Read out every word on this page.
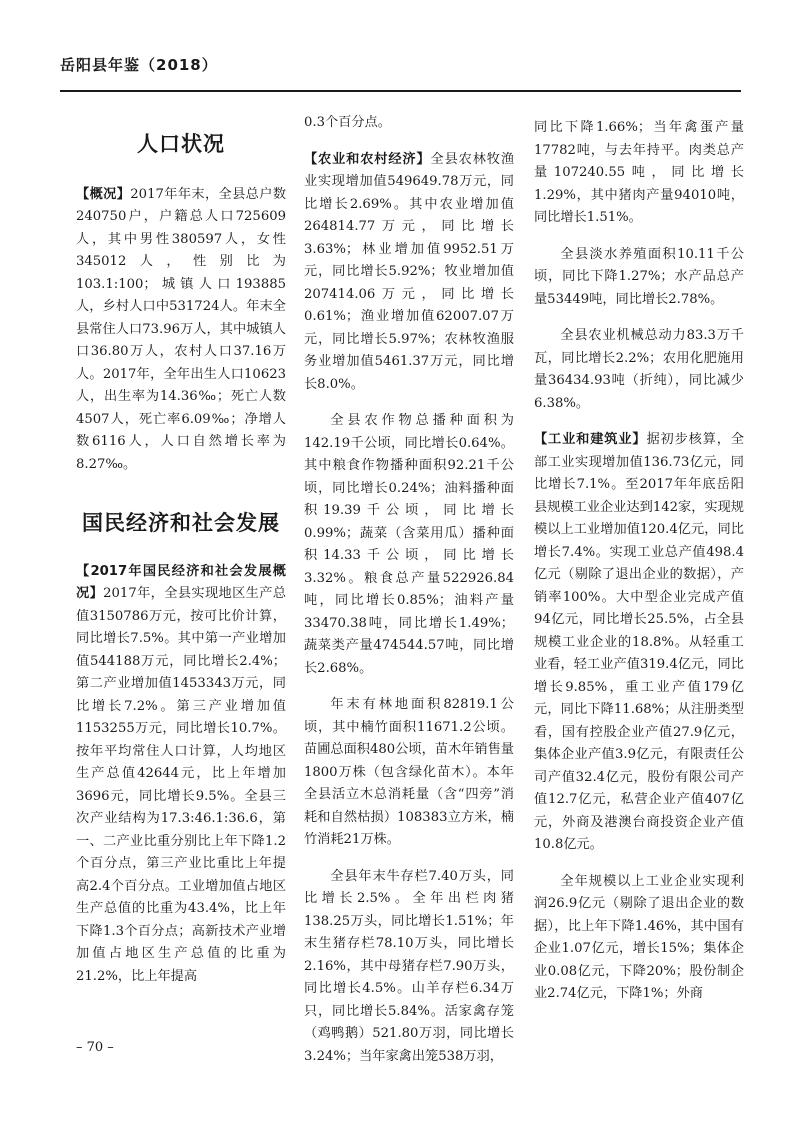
岳阳县年鉴（2018）
人口状况

【概况】2017年年末，全县总户数240750户，户籍总人口725609人，其中男性380597人，女性345012人，性别比为103.1:100；城镇人口193885人，乡村人口中531724人。年末全县常住人口73.96万人，其中城镇人口36.80万人，农村人口37.16万人。2017年，全年出生人口10623人，出生率为14.36‰；死亡人数4507人，死亡率6.09‰；净增人数6116人，人口自然增长率为8.27‰。

国民经济和社会发展

【2017年国民经济和社会发展概况】2017年，全县实现地区生产总值3150786万元，按可比价计算，同比增长7.5%。其中第一产业增加值544188万元，同比增长2.4%；第二产业增加值1453343万元，同比增长7.2%。第三产业增加值1153255万元，同比增长10.7%。按年平均常住人口计算，人均地区生产总值42644元，比上年增加3696元，同比增长9.5%。全县三次产业结构为17.3:46.1:36.6，第一、二产业比重分别比上年下降1.2个百分点，第三产业比重比上年提高2.4个百分点。工业增加值占地区生产总值的比重为43.4%，比上年下降1.3个百分点；高新技术产业增加值占地区生产总值的比重为21.2%，比上年提高

0.3个百分点。

【农业和农村经济】全县农林牧渔业实现增加值549649.78万元，同比增长2.69%。其中农业增加值264814.77万元，同比增长3.63%；林业增加值9952.51万元，同比增长5.92%；牧业增加值207414.06万元，同比增长0.61%；渔业增加值62007.07万元，同比增长5.97%；农林牧渔服务业增加值5461.37万元，同比增长8.0%。

全县农作物总播种面积为142.19千公顷，同比增长0.64%。其中粮食作物播种面积92.21千公顷，同比增长0.24%；油料播种面积19.39千公顷，同比增长0.99%；蔬菜（含菜用瓜）播种面积14.33千公顷，同比增长3.32%。粮食总产量522926.84吨，同比增长0.85%；油料产量33470.38吨，同比增长1.49%；蔬菜类产量474544.57吨，同比增长2.68%。

年末有林地面积82819.1公顷，其中楠竹面积11671.2公顷。苗圃总面积480公顷，苗木年销售量1800万株（包含绿化苗木）。本年全县活立木总消耗量（含“四旁”消耗和自然枯损）108383立方米，楠竹消耗21万株。

全县年末牛存栏7.40万头，同比增长2.5%。全年出栏肉猪138.25万头，同比增长1.51%；年末生猪存栏78.10万头，同比增长2.16%，其中母猪存栏7.90万头，同比增长4.5%。山羊存栏6.34万只，同比增长5.84%。活家禽存笼（鸡鸭鹅）521.80万羽，同比增长3.24%；当年家禽出笼538万羽，

同比下降1.66%；当年禽蛋产量17782吨，与去年持平。肉类总产量107240.55吨，同比增长1.29%，其中猪肉产量94010吨，同比增长1.51%。

全县淡水养殖面积10.11千公顷，同比下降1.27%；水产品总产量53449吨，同比增长2.78%。

全县农业机械总动力83.3万千瓦，同比增长2.2%；农用化肥施用量36434.93吨（折纯），同比减少6.38%。

【工业和建筑业】据初步核算，全部工业实现增加值136.73亿元，同比增长7.1%。至2017年年底岳阳县规模工业企业达到142家，实现规模以上工业增加值120.4亿元，同比增长7.4%。实现工业总产值498.4亿元（剔除了退出企业的数据），产销率100%。大中型企业完成产值94亿元，同比增长25.5%，占全县规模工业企业的18.8%。从轻重工业看，轻工业产值319.4亿元，同比增长9.85%，重工业产值179亿元，同比下降11.68%；从注册类型看，国有控股企业产值27.9亿元，集体企业产值3.9亿元，有限责任公司产值32.4亿元，股份有限公司产值12.7亿元，私营企业产值407亿元，外商及港澳台商投资企业产值10.8亿元。

全年规模以上工业企业实现利润26.9亿元（剔除了退出企业的数据），比上年下降1.46%，其中国有企业1.07亿元，增长15%；集体企业0.08亿元，下降20%；股份制企业2.74亿元，下降1%；外商

– 70 –
